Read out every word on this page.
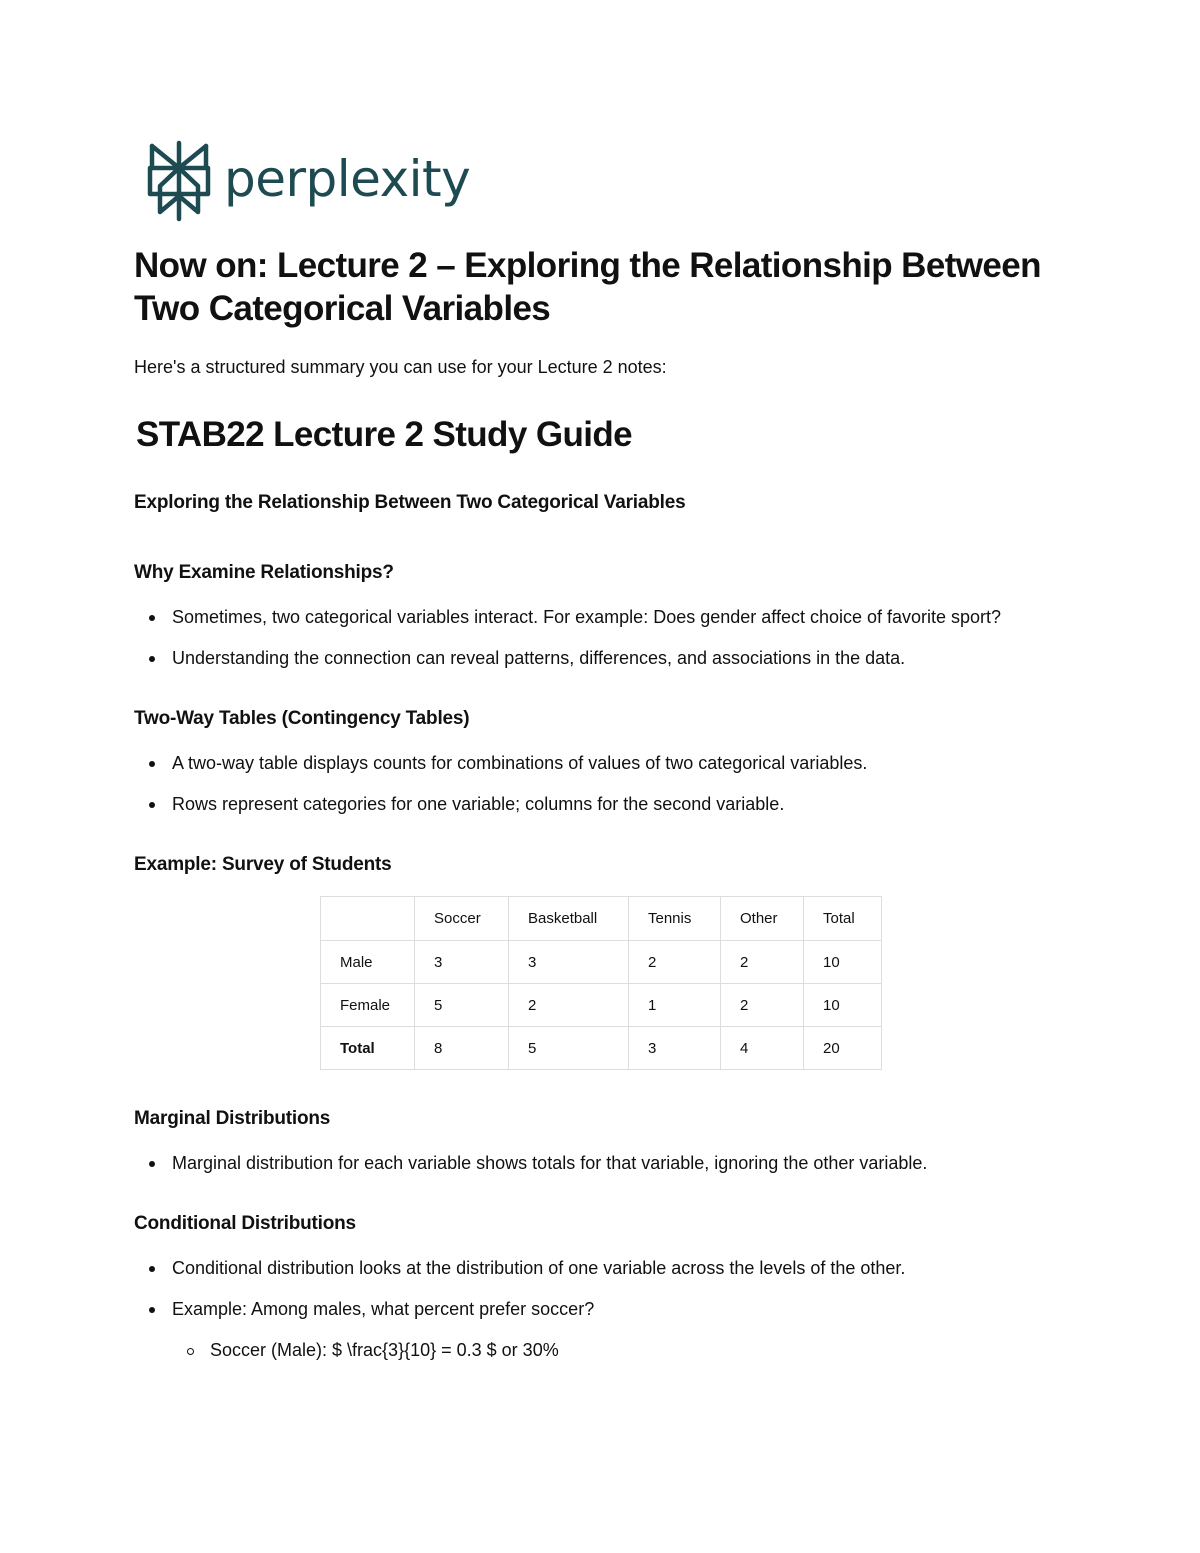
perplexity
Now on: Lecture 2 – Exploring the Relationship Between Two Categorical Variables

Here's a structured summary you can use for your Lecture 2 notes:

STAB22 Lecture 2 Study Guide
Exploring the Relationship Between Two Categorical Variables
Why Examine Relationships?
Sometimes, two categorical variables interact. For example: Does gender affect choice of favorite sport?
Understanding the connection can reveal patterns, differences, and associations in the data.
Two-Way Tables (Contingency Tables)
A two-way table displays counts for combinations of values of two categorical variables.
Rows represent categories for one variable; columns for the second variable.
Example: Survey of Students
	Soccer	Basketball	Tennis	Other	Total
Male	3	3	2	2	10
Female	5	2	1	2	10
Total	8	5	3	4	20
Marginal Distributions
Marginal distribution for each variable shows totals for that variable, ignoring the other variable.
Conditional Distributions
Conditional distribution looks at the distribution of one variable across the levels of the other.
Example: Among males, what percent prefer soccer?
Soccer (Male): $ \frac{3}{10} = 0.3 $ or 30%
